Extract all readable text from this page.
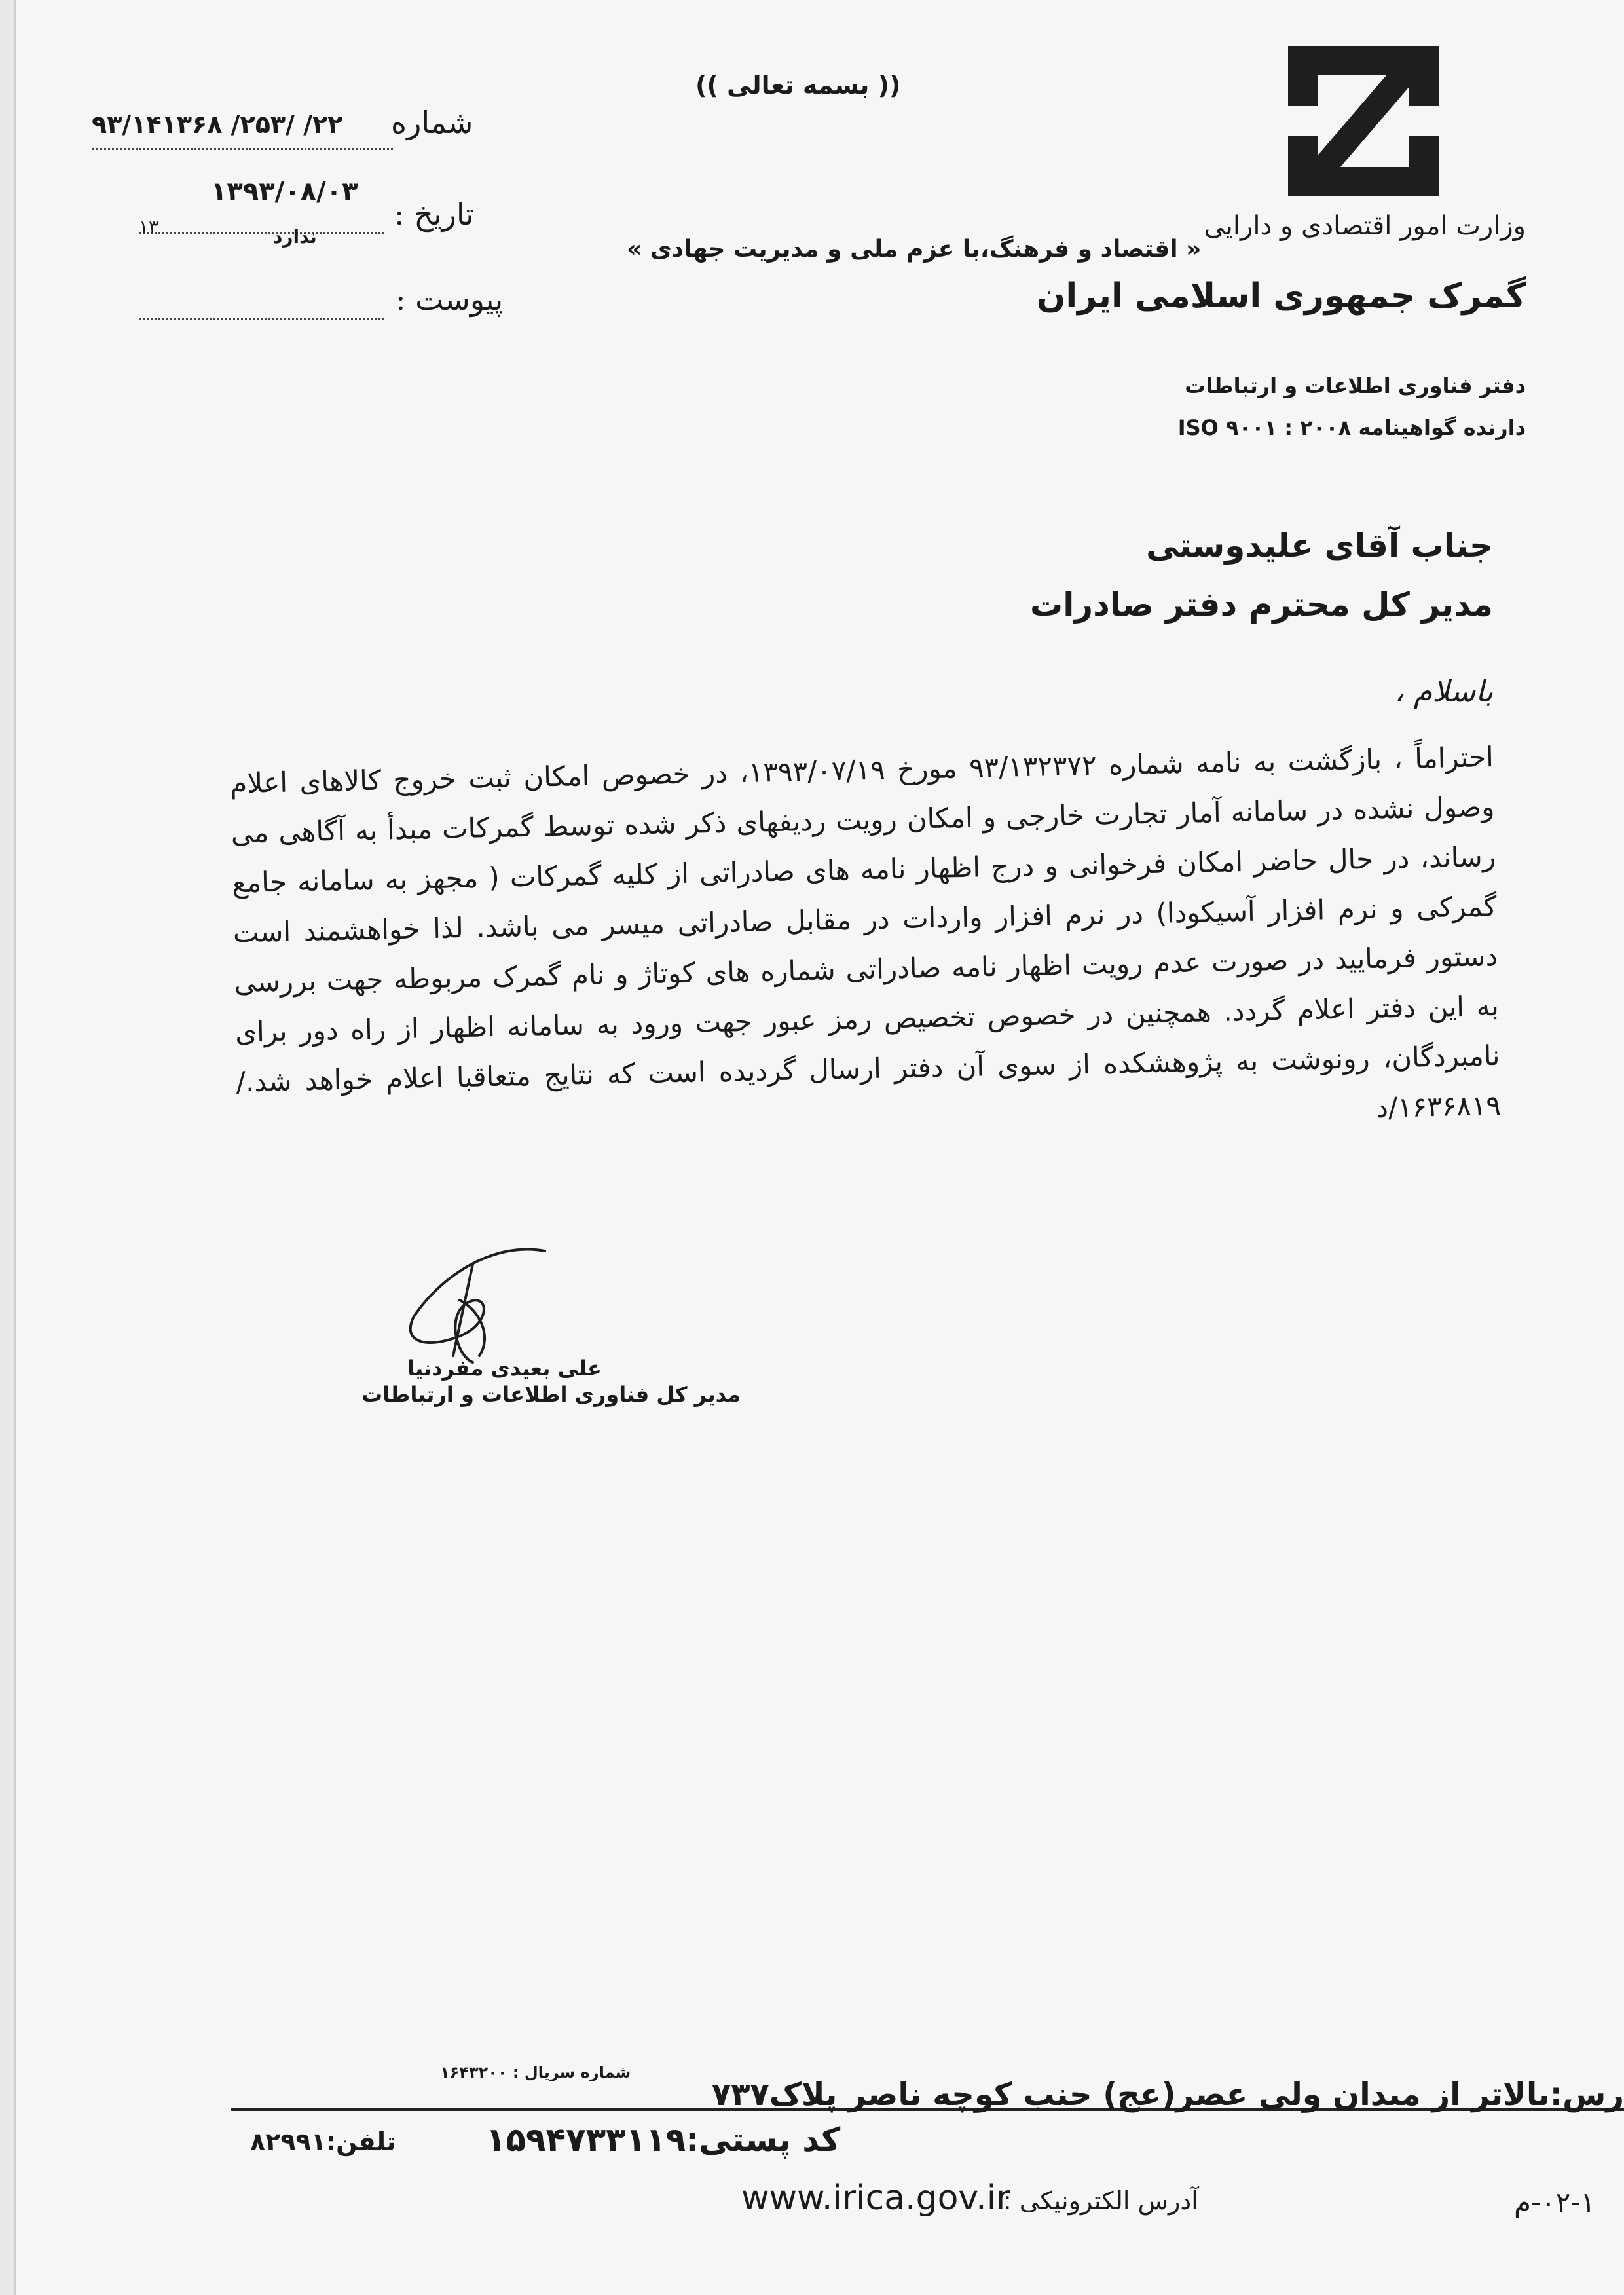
(( بسمه تعالی ))
وزارت امور اقتصادی و دارایی
گمرک جمهوری اسلامی ایران
دفتر فناوری اطلاعات و ارتباطات
دارنده گواهینامه ۲۰۰۸ : ۹۰۰۱ ISO
« اقتصاد و فرهنگ،با عزم ملی و مدیریت جهادی »
شماره
۹۳/۱۴۱۳۶۸ /۲۵۳/ /۲۲
۱۳۹۳/۰۸/۰۳
تاریخ :
۱۳	ندارد
پیوست :
جناب آقای علیدوستی
مدیر کل محترم دفتر صادرات
باسلام ،

احتراماً ، بازگشت به نامه شماره ۹۳/۱۳۲۳۷۲ مورخ ۱۳۹۳/۰۷/۱۹، در خصوص امکان ثبت خروج کالاهای اعلام وصول نشده در سامانه آمار تجارت خارجی و امکان رویت ردیفهای ذکر شده توسط گمرکات مبدأ به آگاهی می رساند، در حال حاضر امکان فرخوانی و درج اظهار نامه های صادراتی از کلیه گمرکات ( مجهز به سامانه جامع گمرکی و نرم افزار آسیکودا) در نرم افزار واردات در مقابل صادراتی میسر می باشد. لذا خواهشمند است دستور فرمایید در صورت عدم رویت اظهار نامه صادراتی شماره های کوتاژ و نام گمرک مربوطه جهت بررسی به این دفتر اعلام گردد. همچنین در خصوص تخصیص رمز عبور جهت ورود به سامانه اظهار از راه دور برای نامبردگان، رونوشت به پژوهشکده از سوی آن دفتر ارسال گردیده است که نتایج متعاقبا اعلام خواهد شد./۱۶۳۶۸۱۹/د

علی بعیدی مفردنیا
مدیر کل فناوری اطلاعات و ارتباطات
شماره سریال : ۱۶۴۳۲۰۰
رس:بالاتر از میدان ولی عصر(عج) جنب کوچه ناصر پلاک۷۳۷
کد پستی:۱۵۹۴۷۳۳۱۱۹
تلفن:۸۲۹۹۱
آدرس الکترونیکی :
www.irica.gov.ir	۰۲-۱-م
